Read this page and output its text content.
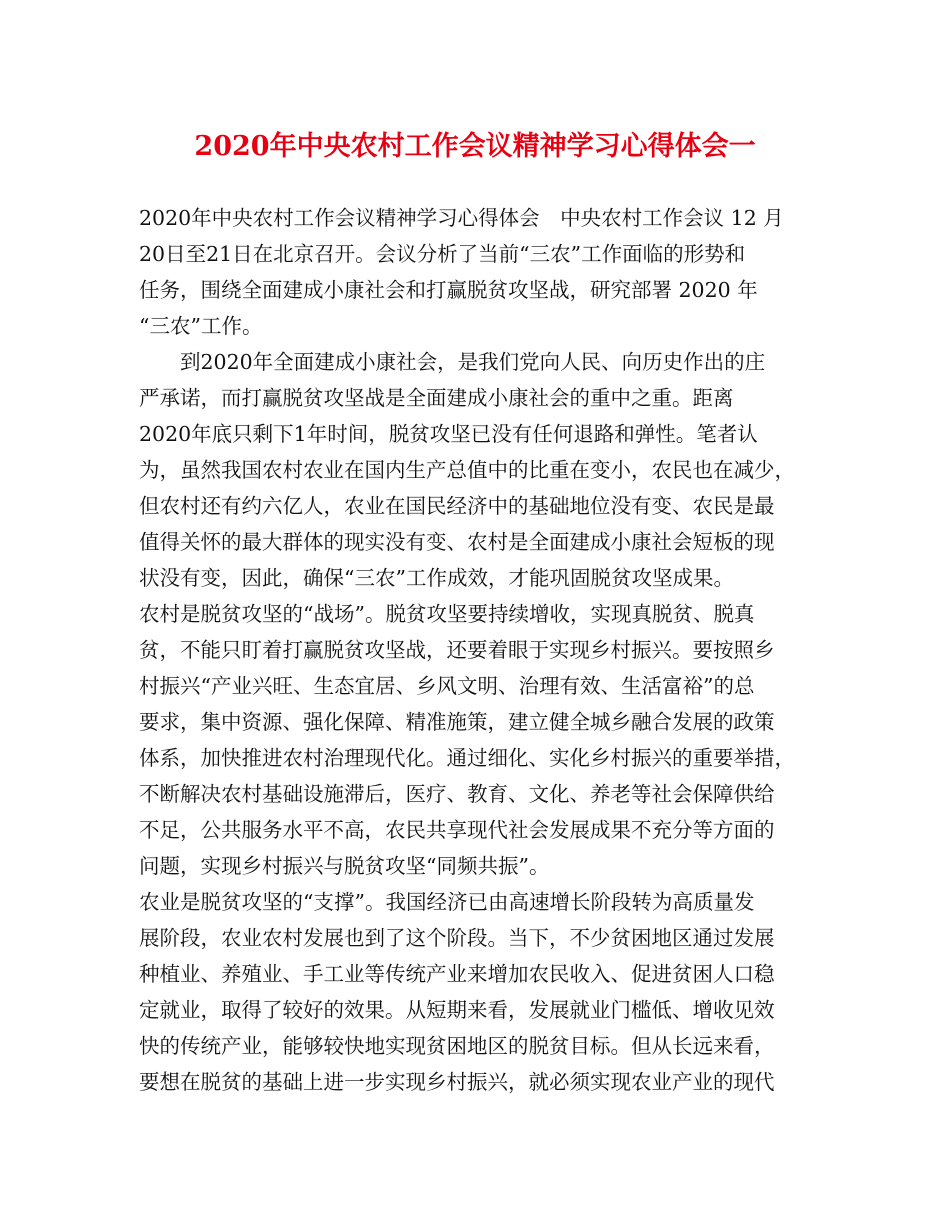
2020年中央农村工作会议精神学习心得体会一
2020年中央农村工作会议精神学习心得体会　中央农村工作会议 12 月
20日至21日在北京召开。会议分析了当前“三农”工作面临的形势和
任务，围绕全面建成小康社会和打赢脱贫攻坚战，研究部署 2020 年
“三农”工作。
　　到2020年全面建成小康社会，是我们党向人民、向历史作出的庄
严承诺，而打赢脱贫攻坚战是全面建成小康社会的重中之重。距离
2020年底只剩下1年时间，脱贫攻坚已没有任何退路和弹性。笔者认
为，虽然我国农村农业在国内生产总值中的比重在变小，农民也在减少，
但农村还有约六亿人，农业在国民经济中的基础地位没有变、农民是最
值得关怀的最大群体的现实没有变、农村是全面建成小康社会短板的现
状没有变，因此，确保“三农”工作成效，才能巩固脱贫攻坚成果。
农村是脱贫攻坚的“战场”。脱贫攻坚要持续增收，实现真脱贫、脱真
贫，不能只盯着打赢脱贫攻坚战，还要着眼于实现乡村振兴。要按照乡
村振兴“产业兴旺、生态宜居、乡风文明、治理有效、生活富裕”的总
要求，集中资源、强化保障、精准施策，建立健全城乡融合发展的政策
体系，加快推进农村治理现代化。通过细化、实化乡村振兴的重要举措，
不断解决农村基础设施滞后，医疗、教育、文化、养老等社会保障供给
不足，公共服务水平不高，农民共享现代社会发展成果不充分等方面的
问题，实现乡村振兴与脱贫攻坚“同频共振”。
农业是脱贫攻坚的“支撑”。我国经济已由高速增长阶段转为高质量发
展阶段，农业农村发展也到了这个阶段。当下，不少贫困地区通过发展
种植业、养殖业、手工业等传统产业来增加农民收入、促进贫困人口稳
定就业，取得了较好的效果。从短期来看，发展就业门槛低、增收见效
快的传统产业，能够较快地实现贫困地区的脱贫目标。但从长远来看，
要想在脱贫的基础上进一步实现乡村振兴，就必须实现农业产业的现代
